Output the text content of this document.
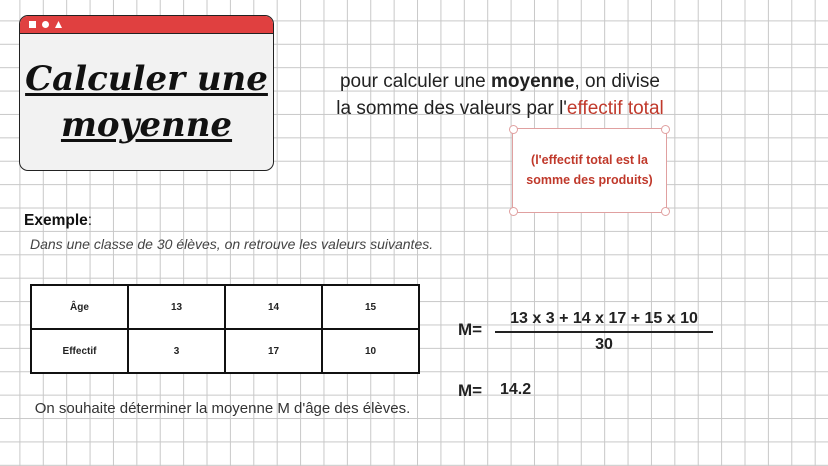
Calculer une
moyenne
pour calculer une moyenne, on divise
la somme des valeurs par l'effectif total
(l'effectif total est la
somme des produits)
Exemple:
Dans une classe de 30 élèves, on retrouve les valeurs suivantes.
Âge	13	14	15
Effectif	3	17	10
On souhaite déterminer la moyenne M d'âge des élèves.
$M= \frac{13 x 3 + 14 x 17 + 15 x 10}{30}$
M= 14.2
